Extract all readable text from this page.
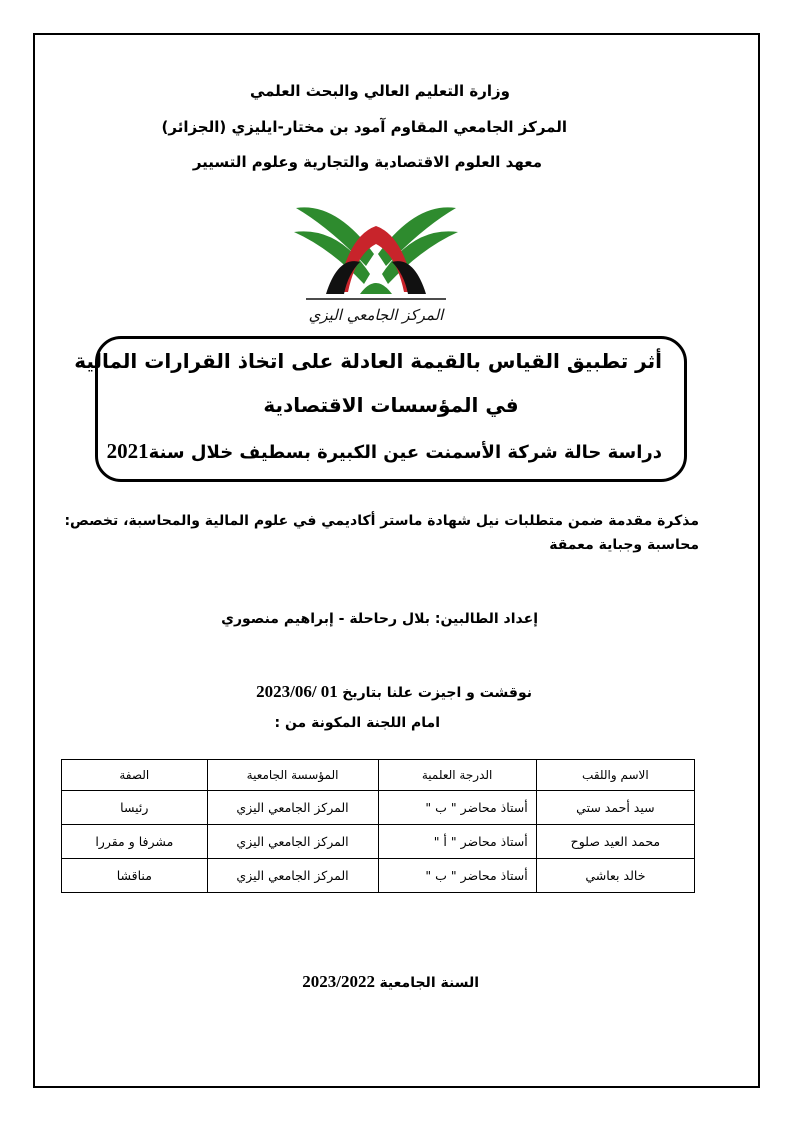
وزارة التعليم العالي والبحث العلمي
المركز الجامعي المقاوم آمود بن مختار-ايليزي (الجزائر)
معهد العلوم الاقتصادية والتجارية وعلوم التسيير
المركز الجامعي اليزي
أثر تطبيق القياس بالقيمة العادلة على اتخاذ القرارات المالية
في المؤسسات الاقتصادية
دراسة حالة شركة الأسمنت عين الكبيرة بسطيف خلال سنة2021
مذكرة مقدمة ضمن متطلبات نيل شهادة ماستر أكاديمي في علوم المالية والمحاسبة، تخصص:
محاسبة وجباية معمقة
إعداد الطالبين: بلال رحاحلة - إبراهيم منصوري
نوقشت و اجيزت علنا بتاريخ 2023/06/ 01
امام اللجنة المكونة من :
الاسم واللقب	الدرجة العلمية	المؤسسة الجامعية	الصفة
سيد أحمد ستي	أستاذ محاضر " ب "	المركز الجامعي اليزي	رئيسا
محمد العيد صلوح	أستاذ محاضر " أ "	المركز الجامعي اليزي	مشرفا و مقررا
خالد بعاشي	أستاذ محاضر " ب "	المركز الجامعي اليزي	مناقشا
السنة الجامعية 2023/2022
